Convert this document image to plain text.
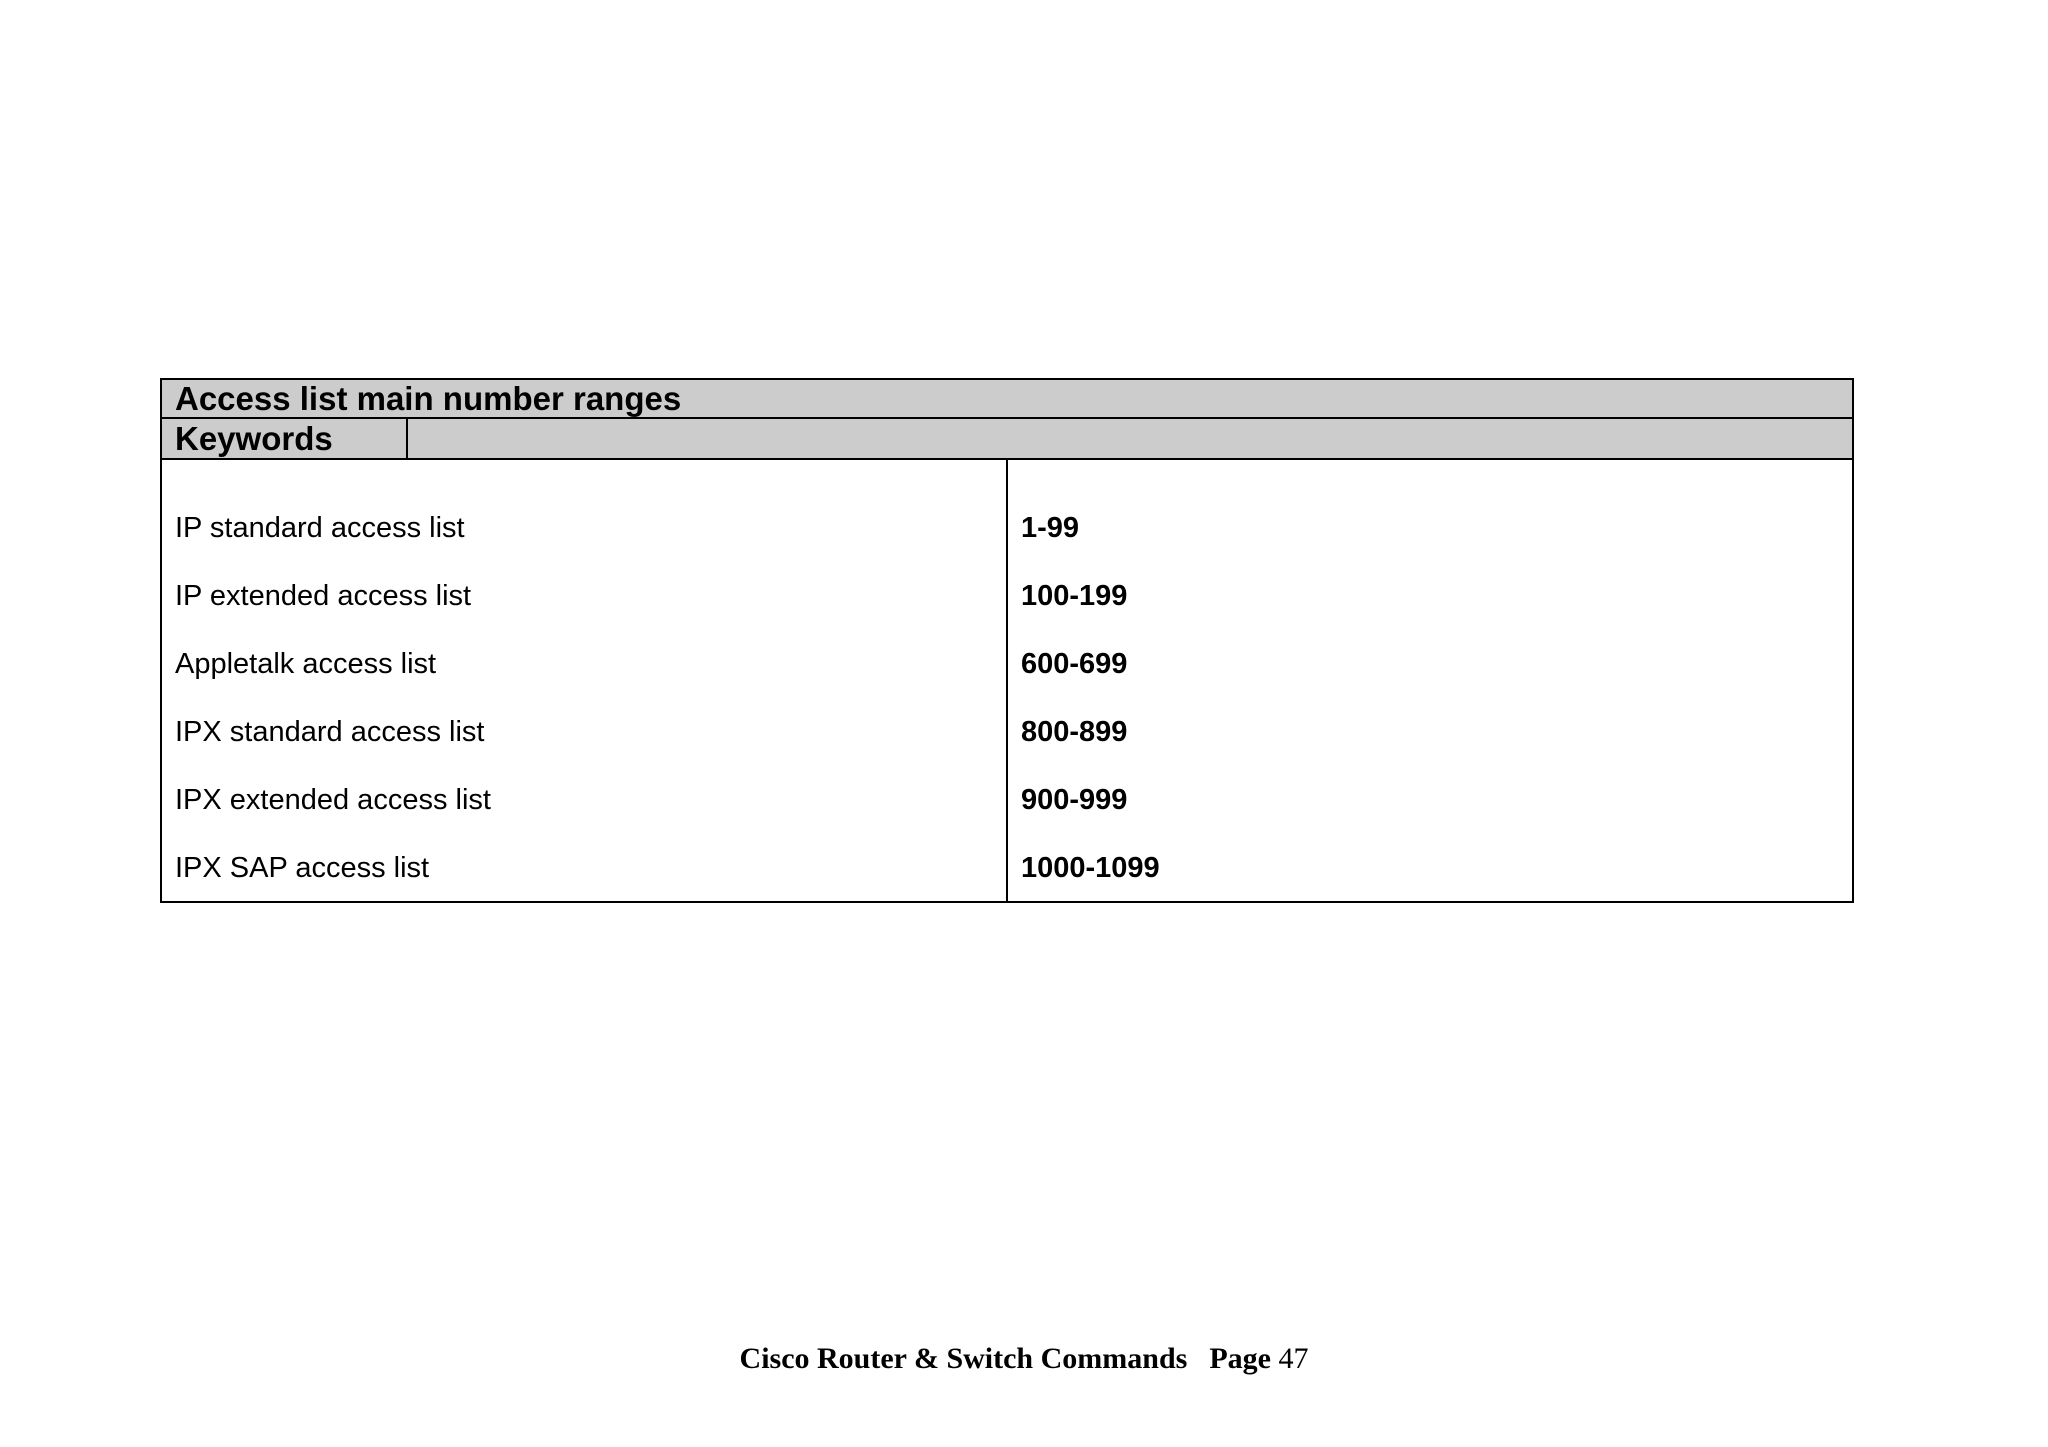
Access list main number ranges
Keywords
IP standard access list
IP extended access list
Appletalk access list
IPX standard access list
IPX extended access list
IPX SAP access list
1-99
100-199
600-699
800-899
900-999
1000-1099
Cisco Router & Switch Commands Page 47
